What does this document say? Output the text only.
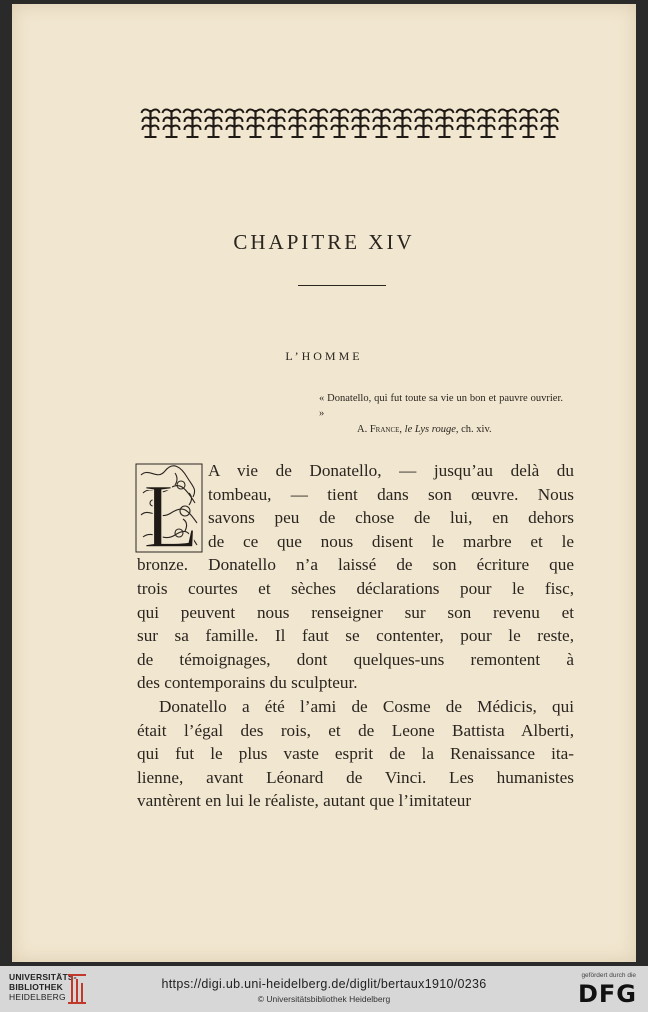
CHAPITRE XIV
L’HOMME
« Donatello, qui fut toute sa vie un bon et pauvre ouvrier. »
A. France, le Lys rouge, ch. xiv.
L A vie de Donatello, — jusqu’au delà du
tombeau, — tient dans son œuvre. Nous
savons peu de chose de lui, en dehors
de ce que nous disent le marbre et le
bronze. Donatello n’a laissé de son écriture que
trois courtes et sèches déclarations pour le fisc,
qui peuvent nous renseigner sur son revenu et
sur sa famille. Il faut se contenter, pour le reste,
de témoignages, dont quelques-uns remontent à
des contemporains du sculpteur.
Donatello a été l’ami de Cosme de Médicis, qui
était l’égal des rois, et de Leone Battista Alberti,
qui fut le plus vaste esprit de la Renaissance ita-
lienne, avant Léonard de Vinci. Les humanistes
vantèrent en lui le réaliste, autant que l’imitateur
UNIVERSITÄTS-
BIBLIOTHEK
HEIDELBERG
https://digi.ub.uni-heidelberg.de/diglit/bertaux1910/0236
© Universitätsbibliothek Heidelberg
gefördert durch die
DFG
